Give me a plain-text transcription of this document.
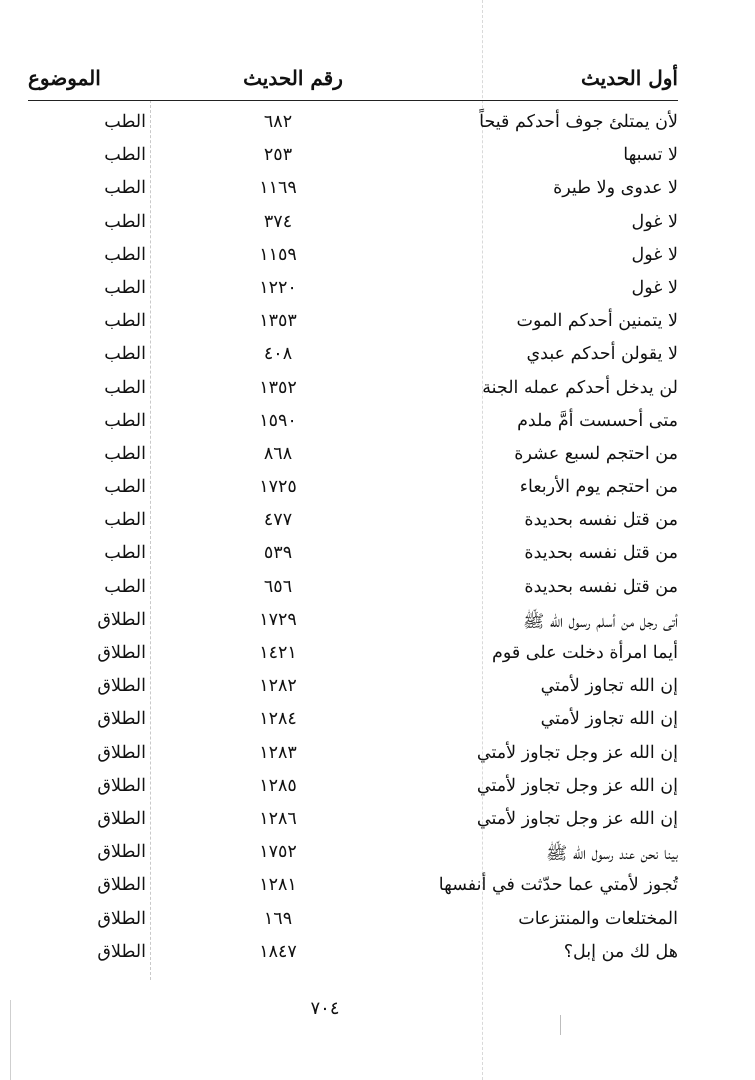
أول الحديث
رقم الحديث
الموضوع
لأن يمتلئ جوف أحدكم قيحاً
٦٨٢
الطب
لا تسبها
٢٥٣
الطب
لا عدوى ولا طيرة
١١٦٩
الطب
لا غول
٣٧٤
الطب
لا غول
١١٥٩
الطب
لا غول
١٢٢٠
الطب
لا يتمنين أحدكم الموت
١٣٥٣
الطب
لا يقولن أحدكم عبدي
٤٠٨
الطب
لن يدخل أحدكم عمله الجنة
١٣٥٢
الطب
متى أحسست أمَّ ملدم
١٥٩٠
الطب
من احتجم لسبع عشرة
٨٦٨
الطب
من احتجم يوم الأربعاء
١٧٢٥
الطب
من قتل نفسه بحديدة
٤٧٧
الطب
من قتل نفسه بحديدة
٥٣٩
الطب
من قتل نفسه بحديدة
٦٥٦
الطب
أتى رجل من أسلم رسول الله ﷺ
١٧٢٩
الطلاق
أيما امرأة دخلت على قوم
١٤٢١
الطلاق
إن الله تجاوز لأمتي
١٢٨٢
الطلاق
إن الله تجاوز لأمتي
١٢٨٤
الطلاق
إن الله عز وجل تجاوز لأمتي
١٢٨٣
الطلاق
إن الله عز وجل تجاوز لأمتي
١٢٨٥
الطلاق
إن الله عز وجل تجاوز لأمتي
١٢٨٦
الطلاق
بينا نحن عند رسول الله ﷺ
١٧٥٢
الطلاق
تُجوز لأمتي عما حدّثت في أنفسها
١٢٨١
الطلاق
المختلعات والمنتزعات
١٦٩
الطلاق
هل لك من إبل؟
١٨٤٧
الطلاق
٧٠٤
